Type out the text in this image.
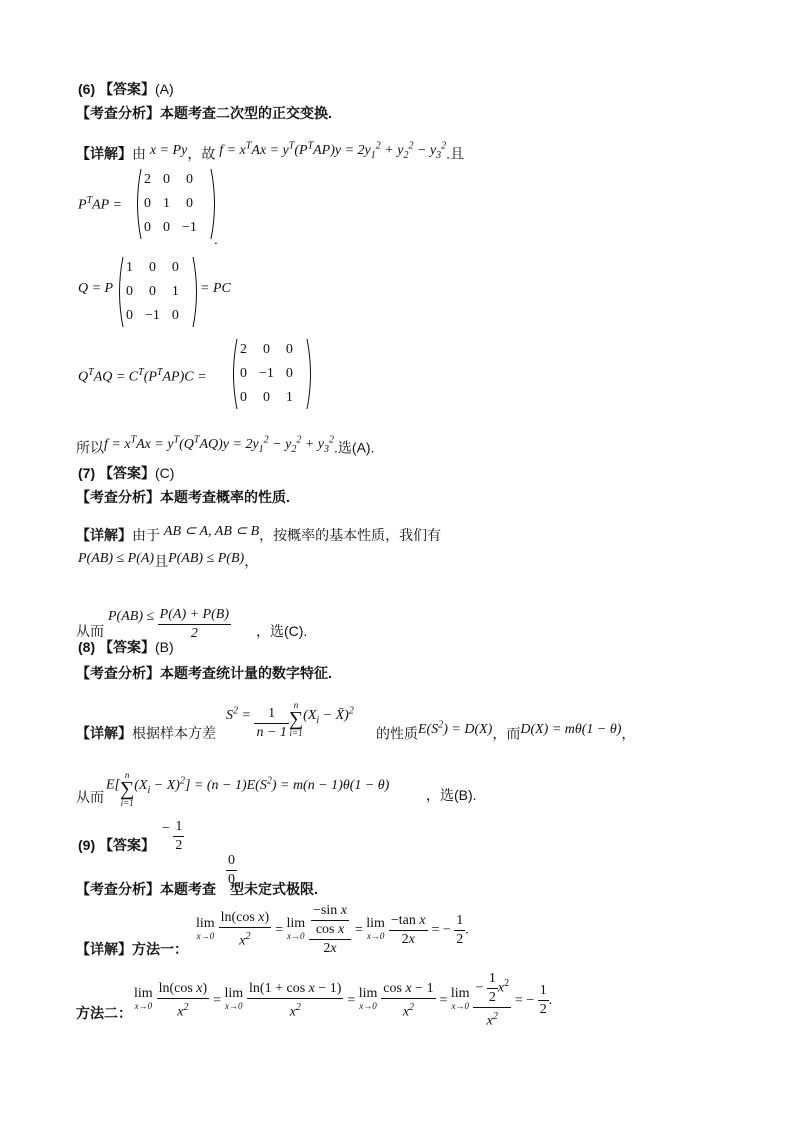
(6) 【答案】(A)
【考查分析】本题考查二次型的正交变换.
【详解】由 x = Py，故 $f = x^TAx = y^T(P^TAP)y = 2y_1^2 + y_2^2 - y_3^2$.且
$P^TAP$ =
2	0	0
0	1	0
0	0	−1
.
Q = P
1	0	0
0	0	1
0	−1	0
= PC
$Q^TAQ = C^T(P^TAP)C$ =
2	0	0
0	−1	0
0	0	1
所以$f = x^TAx = y^T(Q^TAQ)y = 2y_1^2 - y_2^2 + y_3^2$.选(A).
(7) 【答案】(C)
【考查分析】本题考查概率的性质.
【详解】由于 AB ⊂ A, AB ⊂ B，按概率的基本性质，我们有
P(AB) ≤ P(A)且P(AB) ≤ P(B)，
$P(AB) \le \frac{P(A) + P(B)}{2}$
从而	，选(C).
(8) 【答案】(B)
【考查分析】本题考查统计量的数字特征.
$S^2 = \frac{1}{n - 1}$ n
∑
i=1
($X_i$ − X̄)$^2$
【详解】根据样本方差	的性质$E(S^2) = D(X)$，而D(X) = mθ(1 − θ)，
E[
n
∑
i=1
$(X_i - X)^2] = (n - 1)E(S^2) = m(n - 1)\theta(1 - \theta)$
从而	，选(B).
− $\frac{1}{2}$
(9) 【答案】
$\frac{0}{0}$
【考查分析】本题考查 型未定式极限.
lim
x→0
$\frac{\text{ln(cos x)}}{x^2} = \lim$
x→0
$\frac{\frac{\text{−sin x}}{\text{cos x}}}{2x} = \lim$
x→0
$\frac{\text{−tan x}}{2x}$ = − $\frac{1}{2}$ .
【详解】方法一：
lim
x→0
$\frac{\text{ln(cos x)}}{x^2} = \lim$
x→0
$\frac{\text{ln(1 + cos x − 1)}}{x^2} = \lim$
x→0
$\frac{\text{cos x − 1}}{x^2} = \lim$
x→0
$\frac{- \frac{1}{2} x^2}{x^2}$ = − $\frac{1}{2}$ .
方法二：
